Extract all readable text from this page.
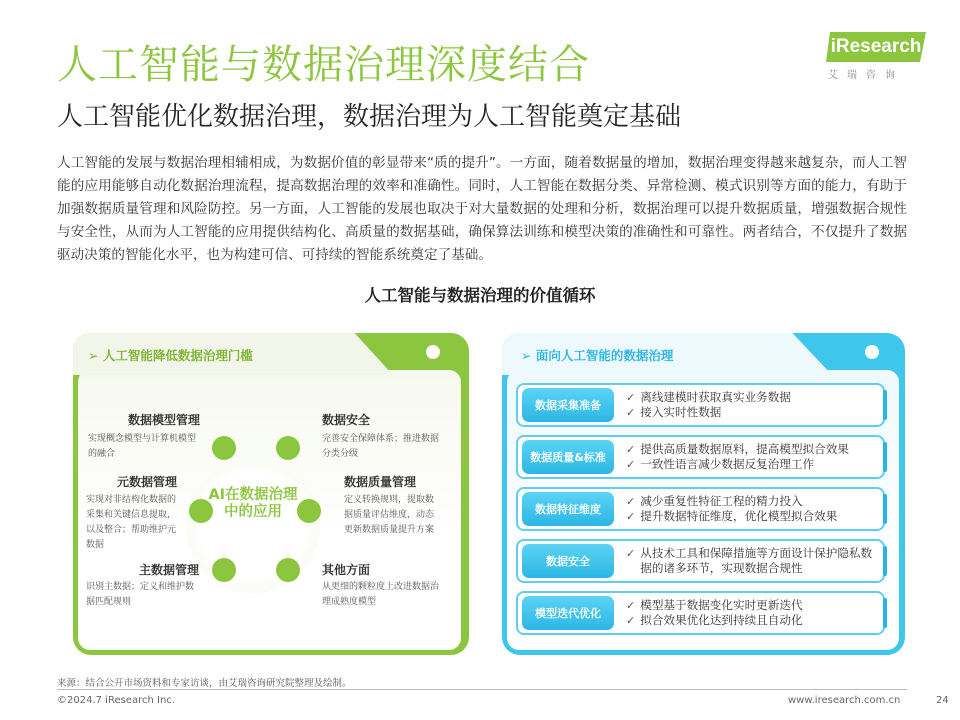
人工智能与数据治理深度结合
人工智能优化数据治理，数据治理为人工智能奠定基础
iResearch
艾瑞咨询
人工智能的发展与数据治理相辅相成，为数据价值的彰显带来“质的提升”。一方面，随着数据量的增加，数据治理变得越来越复杂，而人工智能的应用能够自动化数据治理流程，提高数据治理的效率和准确性。同时，人工智能在数据分类、异常检测、模式识别等方面的能力，有助于加强数据质量管理和风险防控。另一方面，人工智能的发展也取决于对大量数据的处理和分析，数据治理可以提升数据质量，增强数据合规性与安全性，从而为人工智能的应用提供结构化、高质量的数据基础，确保算法训练和模型决策的准确性和可靠性。两者结合，不仅提升了数据驱动决策的智能化水平，也为构建可信、可持续的智能系统奠定了基础。
人工智能与数据治理的价值循环
➢ 人工智能降低数据治理门槛
AI在数据治理中的应用
数据模型管理
实现概念模型与计算机模型的融合
元数据管理
实现对非结构化数据的采集和关键信息提取，以及整合；帮助维护元数据
主数据管理
识别主数据；定义和维护数据匹配规则
数据安全
完善安全保障体系；推进数据分类分级
数据质量管理
定义转换规则，提取数据质量评估维度，动态更新数据质量提升方案
其他方面
从更细的颗粒度上改进数据治理成熟度模型
➢ 面向人工智能的数据治理
数据采集准备
✓ 离线建模时获取真实业务数据
✓ 接入实时性数据
数据质量&标准
✓ 提供高质量数据原料，提高模型拟合效果
✓ 一致性语言减少数据反复治理工作
数据特征维度
✓ 减少重复性特征工程的精力投入
✓ 提升数据特征维度，优化模型拟合效果
数据安全
✓ 从技术工具和保障措施等方面设计保护隐私数据的诸多环节，实现数据合规性
模型迭代优化
✓ 模型基于数据变化实时更新迭代
✓ 拟合效果优化达到持续且自动化
来源：结合公开市场资料和专家访谈，由艾瑞咨询研究院整理及绘制。
©2024.7 iResearch Inc.	www.iresearch.com.cn	24
